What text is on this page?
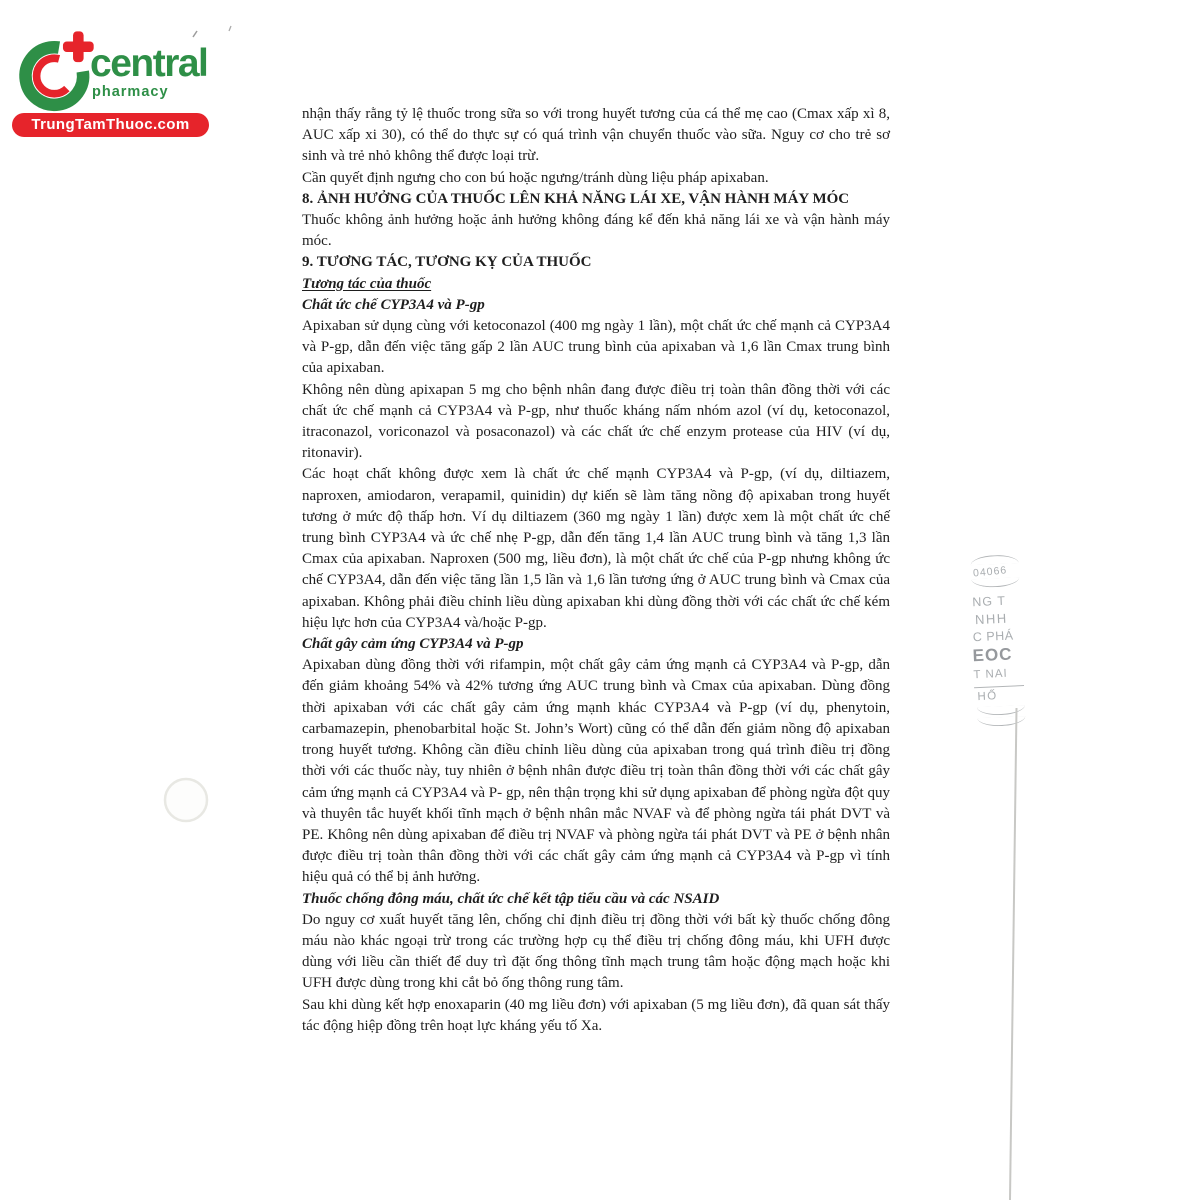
central
pharmacy
TrungTamThuoc.com

nhận thấy rằng tỷ lệ thuốc trong sữa so với trong huyết tương của cá thể mẹ cao (Cmax xấp xì 8, AUC xấp xi 30), có thể do thực sự có quá trình vận chuyển thuốc vào sữa. Nguy cơ cho trẻ sơ sinh và trẻ nhỏ không thể được loại trừ.

Cần quyết định ngưng cho con bú hoặc ngưng/tránh dùng liệu pháp apixaban.

8. ẢNH HƯỞNG CỦA THUỐC LÊN KHẢ NĂNG LÁI XE, VẬN HÀNH MÁY MÓC

Thuốc không ảnh hưởng hoặc ảnh hưởng không đáng kể đến khả năng lái xe và vận hành máy móc.

9. TƯƠNG TÁC, TƯƠNG KỴ CỦA THUỐC

Tương tác của thuốc

Chất ức chế CYP3A4 và P-gp

Apixaban sử dụng cùng với ketoconazol (400 mg ngày 1 lần), một chất ức chế mạnh cả CYP3A4 và P-gp, dẫn đến việc tăng gấp 2 lần AUC trung bình của apixaban và 1,6 lần Cmax trung bình của apixaban.

Không nên dùng apixapan 5 mg cho bệnh nhân đang được điều trị toàn thân đồng thời với các chất ức chế mạnh cả CYP3A4 và P-gp, như thuốc kháng nấm nhóm azol (ví dụ, ketoconazol, itraconazol, voriconazol và posaconazol) và các chất ức chế enzym protease của HIV (ví dụ, ritonavir).

Các hoạt chất không được xem là chất ức chế mạnh CYP3A4 và P-gp, (ví dụ, diltiazem, naproxen, amiodaron, verapamil, quinidin) dự kiến sẽ làm tăng nồng độ apixaban trong huyết tương ở mức độ thấp hơn. Ví dụ diltiazem (360 mg ngày 1 lần) được xem là một chất ức chế trung bình CYP3A4 và ức chế nhẹ P-gp, dẫn đến tăng 1,4 lần AUC trung bình và tăng 1,3 lần Cmax của apixaban. Naproxen (500 mg, liều đơn), là một chất ức chế của P-gp nhưng không ức chế CYP3A4, dẫn đến việc tăng lần 1,5 lần và 1,6 lần tương ứng ở AUC trung bình và Cmax của apixaban. Không phải điều chỉnh liều dùng apixaban khi dùng đồng thời với các chất ức chế kém hiệu lực hơn của CYP3A4 và/hoặc P-gp.

Chất gây cảm ứng CYP3A4 và P-gp

Apixaban dùng đồng thời với rifampin, một chất gây cảm ứng mạnh cả CYP3A4 và P-gp, dẫn đến giảm khoảng 54% và 42% tương ứng AUC trung bình và Cmax của apixaban. Dùng đồng thời apixaban với các chất gây cảm ứng mạnh khác CYP3A4 và P-gp (ví dụ, phenytoin, carbamazepin, phenobarbital hoặc St. John’s Wort) cũng có thể dẫn đến giảm nồng độ apixaban trong huyết tương. Không cần điều chỉnh liều dùng của apixaban trong quá trình điều trị đồng thời với các thuốc này, tuy nhiên ở bệnh nhân được điều trị toàn thân đồng thời với các chất gây cảm ứng mạnh cả CYP3A4 và P- gp, nên thận trọng khi sử dụng apixaban để phòng ngừa đột quy và thuyên tắc huyết khối tĩnh mạch ở bệnh nhân mắc NVAF và để phòng ngừa tái phát DVT và PE. Không nên dùng apixaban để điều trị NVAF và phòng ngừa tái phát DVT và PE ở bệnh nhân được điều trị toàn thân đồng thời với các chất gây cảm ứng mạnh cả CYP3A4 và P-gp vì tính hiệu quả có thể bị ảnh hưởng.

Thuốc chống đông máu, chất ức chế kết tập tiểu cầu và các NSAID

Do nguy cơ xuất huyết tăng lên, chống chỉ định điều trị đồng thời với bất kỳ thuốc chống đông máu nào khác ngoại trừ trong các trường hợp cụ thể điều trị chống đông máu, khi UFH được dùng với liều cần thiết để duy trì đặt ống thông tĩnh mạch trung tâm hoặc động mạch hoặc khi UFH được dùng trong khi cắt bỏ ống thông rung tâm.

Sau khi dùng kết hợp enoxaparin (40 mg liều đơn) với apixaban (5 mg liều đơn), đã quan sát thấy tác động hiệp đồng trên hoạt lực kháng yếu tố Xa.

04066
NG T
NHH
C PHÁ
EOC
T NAI
HỐ
